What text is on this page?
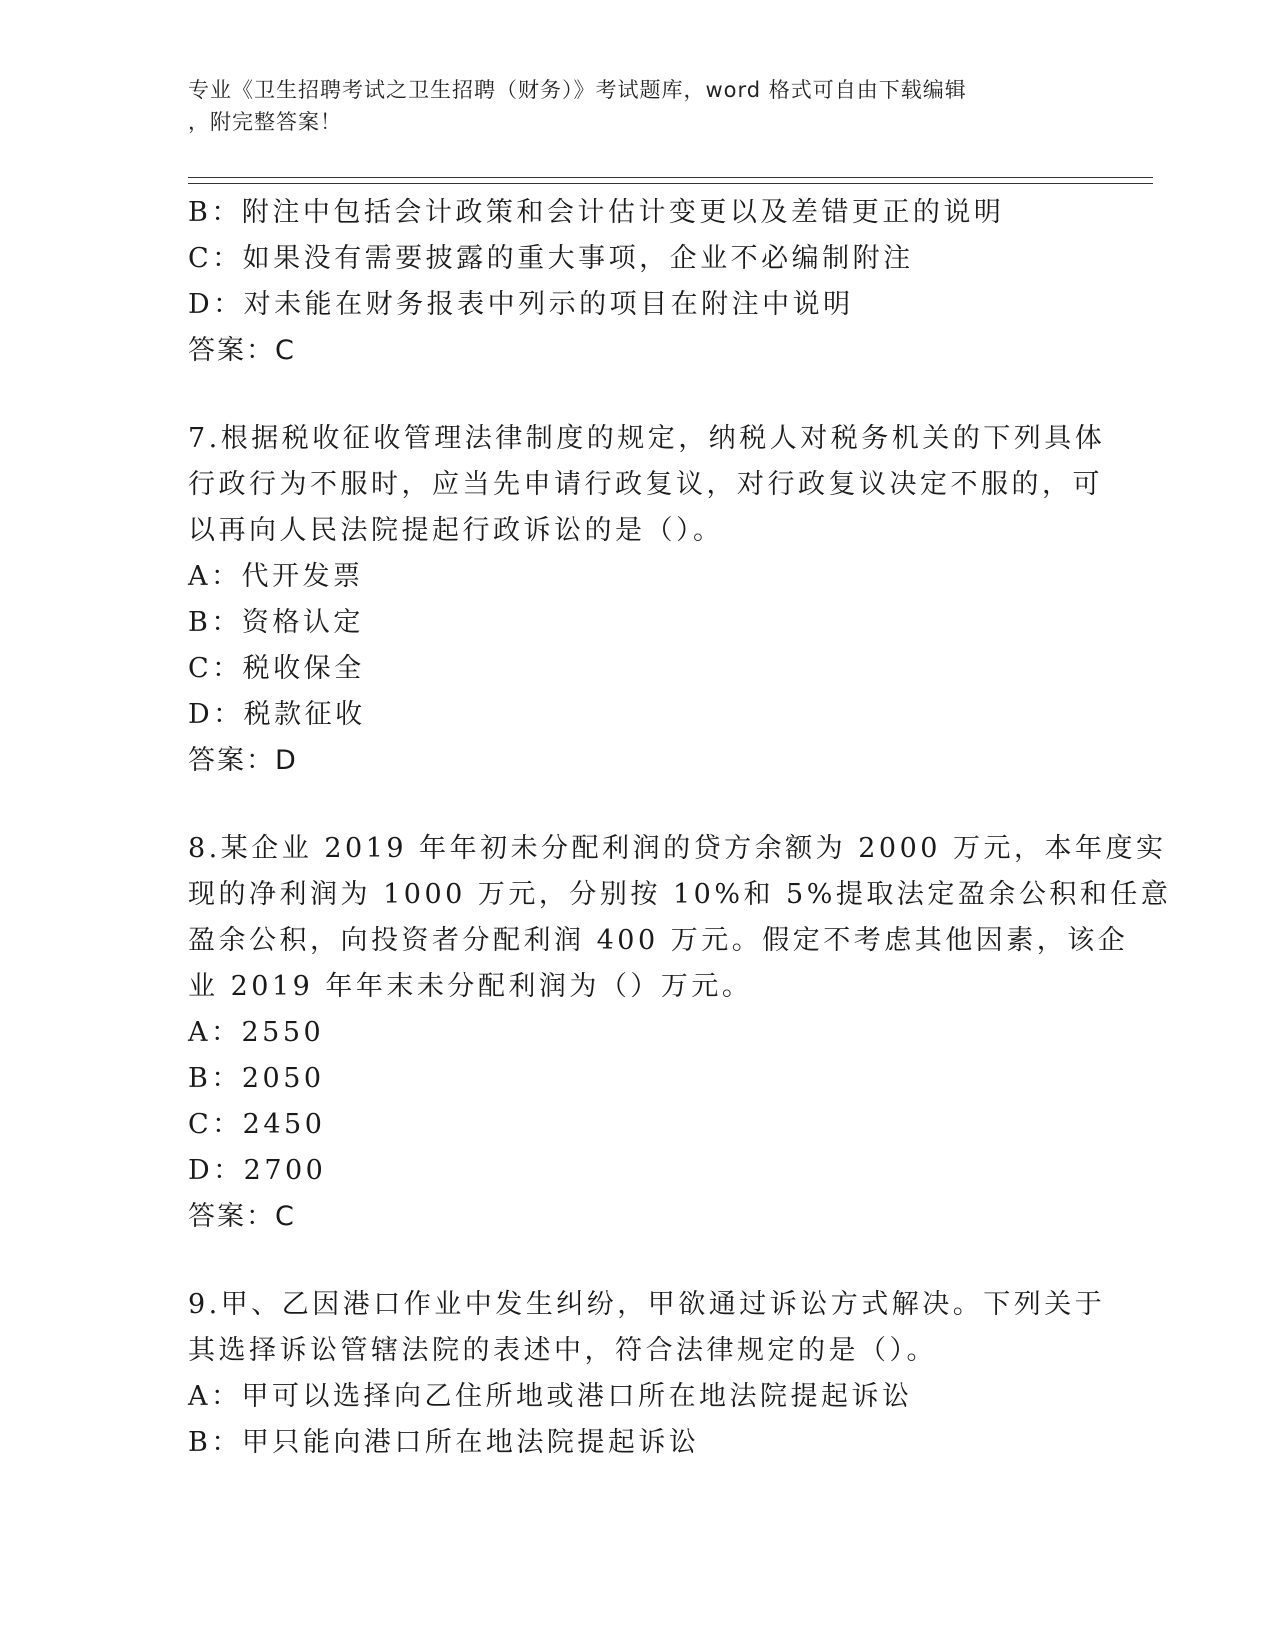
专业《卫生招聘考试之卫生招聘（财务）》考试题库，word 格式可自由下载编辑
，附完整答案！
B：附注中包括会计政策和会计估计变更以及差错更正的说明
C：如果没有需要披露的重大事项，企业不必编制附注
D：对未能在财务报表中列示的项目在附注中说明
答案：C
7.根据税收征收管理法律制度的规定，纳税人对税务机关的下列具体
行政行为不服时，应当先申请行政复议，对行政复议决定不服的，可
以再向人民法院提起行政诉讼的是（）。
A：代开发票
B：资格认定
C：税收保全
D：税款征收
答案：D
8.某企业 2019 年年初未分配利润的贷方余额为 2000 万元，本年度实
现的净利润为 1000 万元，分别按 10%和 5%提取法定盈余公积和任意
盈余公积，向投资者分配利润 400 万元。假定不考虑其他因素，该企
业 2019 年年末未分配利润为（）万元。
A：2550
B：2050
C：2450
D：2700
答案：C
9.甲、乙因港口作业中发生纠纷，甲欲通过诉讼方式解决。下列关于
其选择诉讼管辖法院的表述中，符合法律规定的是（）。
A：甲可以选择向乙住所地或港口所在地法院提起诉讼
B：甲只能向港口所在地法院提起诉讼
